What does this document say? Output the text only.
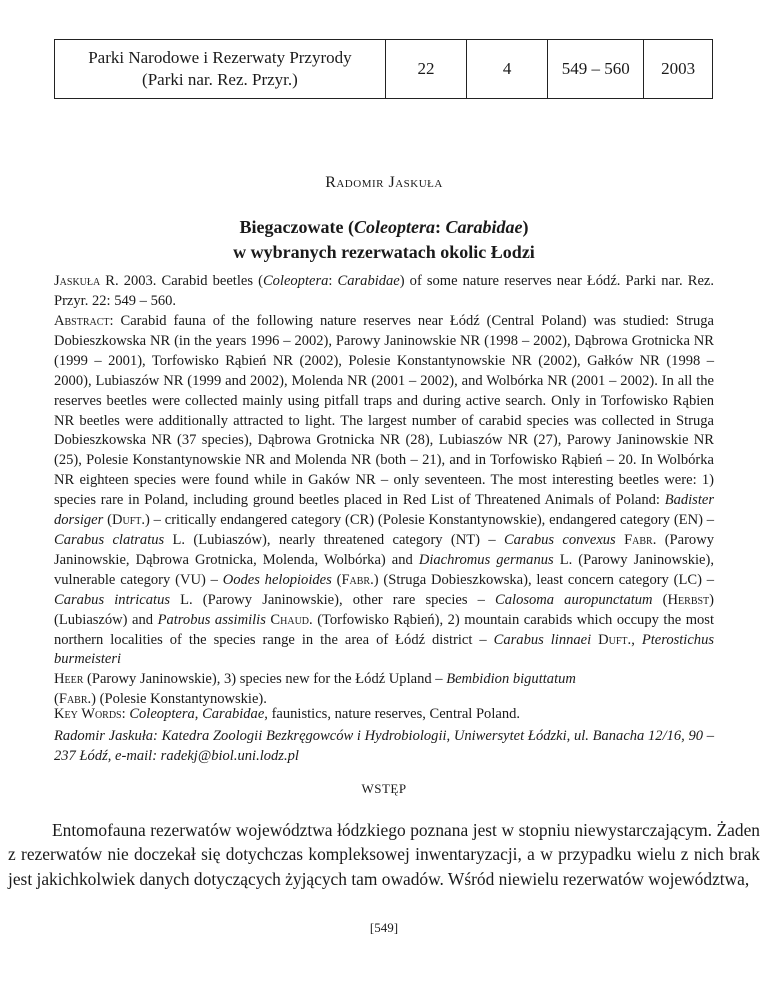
Parki Narodowe i Rezerwaty Przyrody
(Parki nar. Rez. Przyr.)	22	4	549 – 560	2003
Radomir Jaskuła
Biegaczowate (Coleoptera: Carabidae)
w wybranych rezerwatach okolic Łodzi

Jaskuła R. 2003. Carabid beetles (Coleoptera: Carabidae) of some nature reserves near Łódź. Parki nar. Rez. Przyr. 22: 549 – 560.

Abstract: Carabid fauna of the following nature reserves near Łódź (Central Poland) was studied: Struga Dobieszkowska NR (in the years 1996 – 2002), Parowy Janinowskie NR (1998 – 2002), Dąbrowa Grotnicka NR (1999 – 2001), Torfowisko Rąbień NR (2002), Polesie Konstantynowskie NR (2002), Gałków NR (1998 – 2000), Lubiaszów NR (1999 and 2002), Molenda NR (2001 – 2002), and Wolbórka NR (2001 – 2002). In all the reserves beetles were collected mainly using pitfall traps and during active search. Only in Torfowisko Rąbien NR beetles were additionally attracted to light. The largest number of carabid species was collected in Struga Dobieszkowska NR (37 species), Dąbrowa Grotnicka NR (28), Lubiaszów NR (27), Parowy Janinowskie NR (25), Polesie Konstantynowskie NR and Molenda NR (both – 21), and in Torfowisko Rąbień – 20. In Wolbórka NR eighteen species were found while in Gaków NR – only seventeen. The most interesting beetles were: 1) species rare in Poland, including ground beetles placed in Red List of Threatened Animals of Poland: Badister dorsiger (Duft.) – critically endangered category (CR) (Polesie Konstantynowskie), endangered category (EN) – Carabus clatratus L. (Lubiaszów), nearly threatened category (NT) – Carabus convexus Fabr. (Parowy Janinowskie, Dąbrowa Grotnicka, Molenda, Wolbórka) and Diachromus germanus L. (Parowy Janinowskie), vulnerable category (VU) – Oodes helopioides (Fabr.) (Struga Dobieszkowska), least concern category (LC) – Carabus intricatus L. (Parowy Janinowskie), other rare species – Calosoma auropunctatum (Herbst) (Lubiaszów) and Patrobus assimilis Chaud. (Torfowisko Rąbień), 2) mountain carabids which occupy the most northern localities of the species range in the area of Łódź district – Carabus linnaei Duft., Pterostichus burmeisteri
Heer (Parowy Janinowskie), 3) species new for the Łódź Upland – Bembidion biguttatum
(Fabr.) (Polesie Konstantynowskie).

Key Words: Coleoptera, Carabidae, faunistics, nature reserves, Central Poland.

Radomir Jaskuła: Katedra Zoologii Bezkręgowców i Hydrobiologii, Uniwersytet Łódzki, ul. Banacha 12/16, 90 – 237 Łódź, e-mail: radekj@biol.uni.lodz.pl

WSTĘP

Entomofauna rezerwatów województwa łódzkiego poznana jest w stopniu niewystarczającym. Żaden z rezerwatów nie doczekał się dotychczas kompleksowej inwentaryzacji, a w przypadku wielu z nich brak jest jakichkolwiek danych dotyczących żyjących tam owadów. Wśród niewielu rezerwatów województwa,

[549]
